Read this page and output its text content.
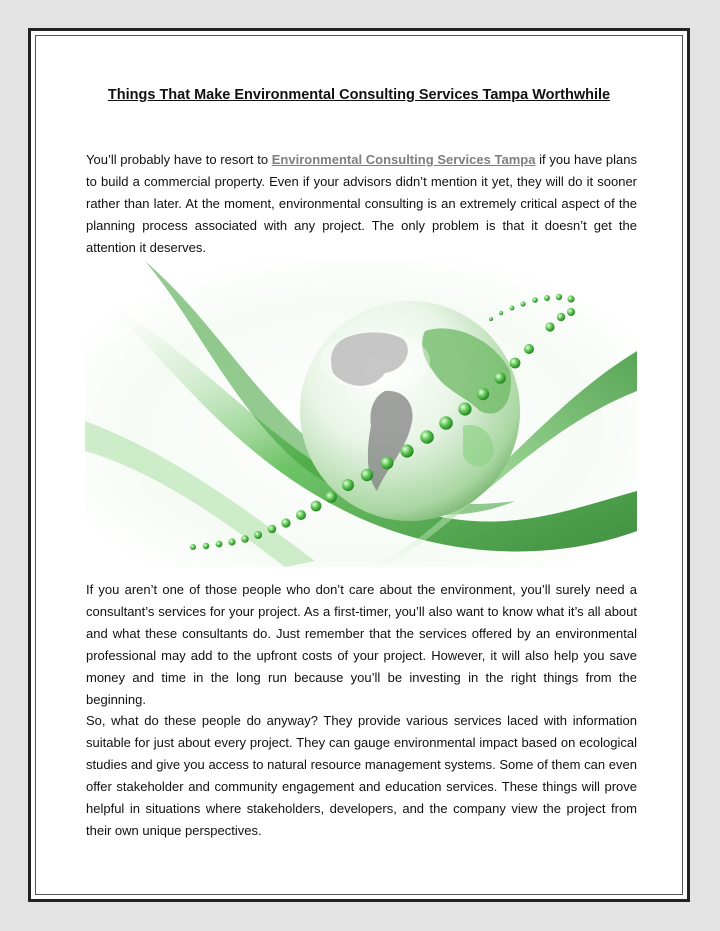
Things That Make Environmental Consulting Services Tampa Worthwhile

You’ll probably have to resort to Environmental Consulting Services Tampa if you have plans to build a commercial property. Even if your advisors didn’t mention it yet, they will do it sooner rather than later. At the moment, environmental consulting is an extremely critical aspect of the planning process associated with any project. The only problem is that it doesn’t get the attention it deserves.

If you aren’t one of those people who don’t care about the environment, you’ll surely need a consultant’s services for your project. As a first-timer, you’ll also want to know what it’s all about and what these consultants do. Just remember that the services offered by an environmental professional may add to the upfront costs of your project. However, it will also help you save money and time in the long run because you’ll be investing in the right things from the beginning.

So, what do these people do anyway? They provide various services laced with information suitable for just about every project. They can gauge environmental impact based on ecological studies and give you access to natural resource management systems. Some of them can even offer stakeholder and community engagement and education services. These things will prove helpful in situations where stakeholders, developers, and the company view the project from their own unique perspectives.
